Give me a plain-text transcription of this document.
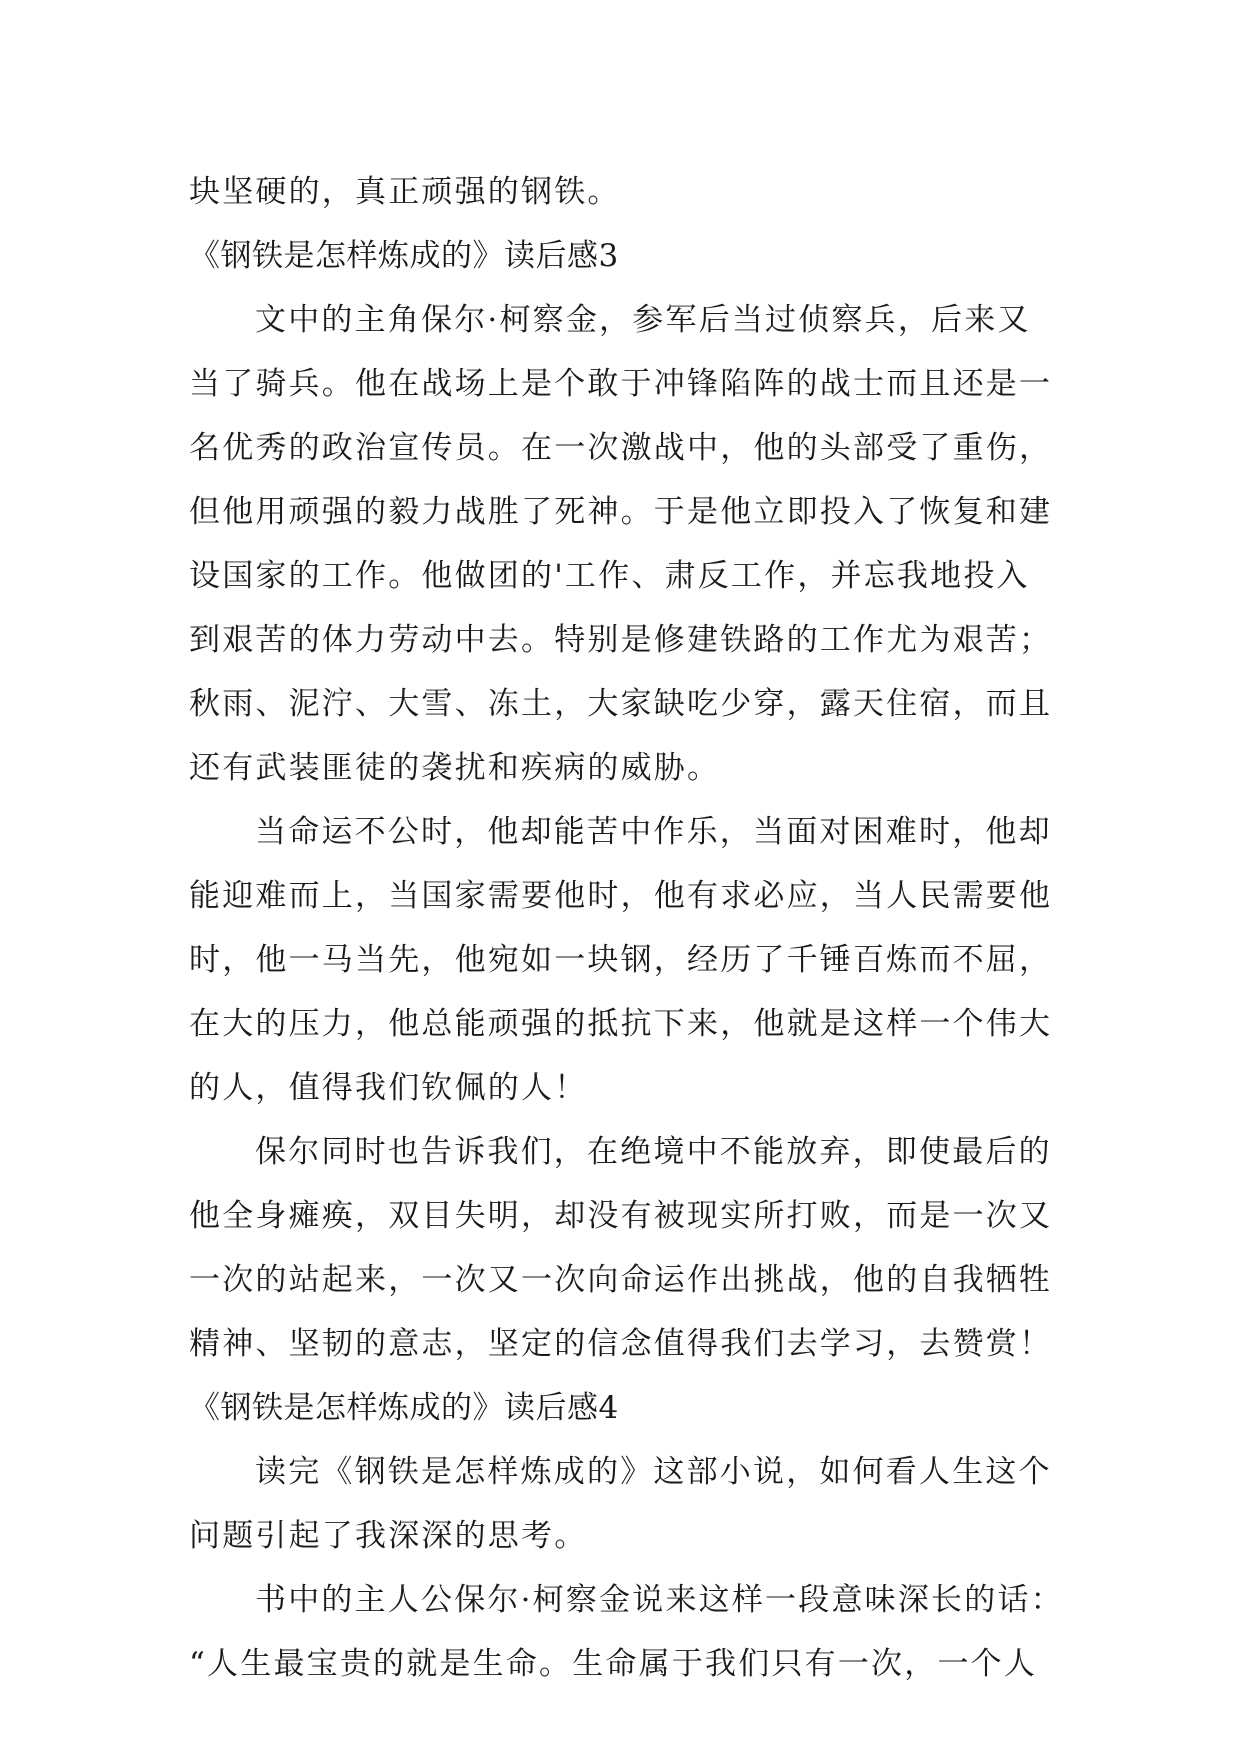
块坚硬的，真正顽强的钢铁。
《钢铁是怎样炼成的》读后感3
文中的主角保尔·柯察金，参军后当过侦察兵，后来又
当了骑兵。他在战场上是个敢于冲锋陷阵的战士而且还是一
名优秀的政治宣传员。在一次激战中，他的头部受了重伤，
但他用顽强的毅力战胜了死神。于是他立即投入了恢复和建
设国家的工作。他做团的'工作、肃反工作，并忘我地投入
到艰苦的体力劳动中去。特别是修建铁路的工作尤为艰苦；
秋雨、泥泞、大雪、冻土，大家缺吃少穿，露天住宿，而且
还有武装匪徒的袭扰和疾病的威胁。
当命运不公时，他却能苦中作乐，当面对困难时，他却
能迎难而上，当国家需要他时，他有求必应，当人民需要他
时，他一马当先，他宛如一块钢，经历了千锤百炼而不屈，
在大的压力，他总能顽强的抵抗下来，他就是这样一个伟大
的人，值得我们钦佩的人！
保尔同时也告诉我们，在绝境中不能放弃，即使最后的
他全身瘫痪，双目失明，却没有被现实所打败，而是一次又
一次的站起来，一次又一次向命运作出挑战，他的自我牺牲
精神、坚韧的意志，坚定的信念值得我们去学习，去赞赏！
《钢铁是怎样炼成的》读后感4
读完《钢铁是怎样炼成的》这部小说，如何看人生这个
问题引起了我深深的思考。
书中的主人公保尔·柯察金说来这样一段意味深长的话：
“人生最宝贵的就是生命。生命属于我们只有一次，一个人
